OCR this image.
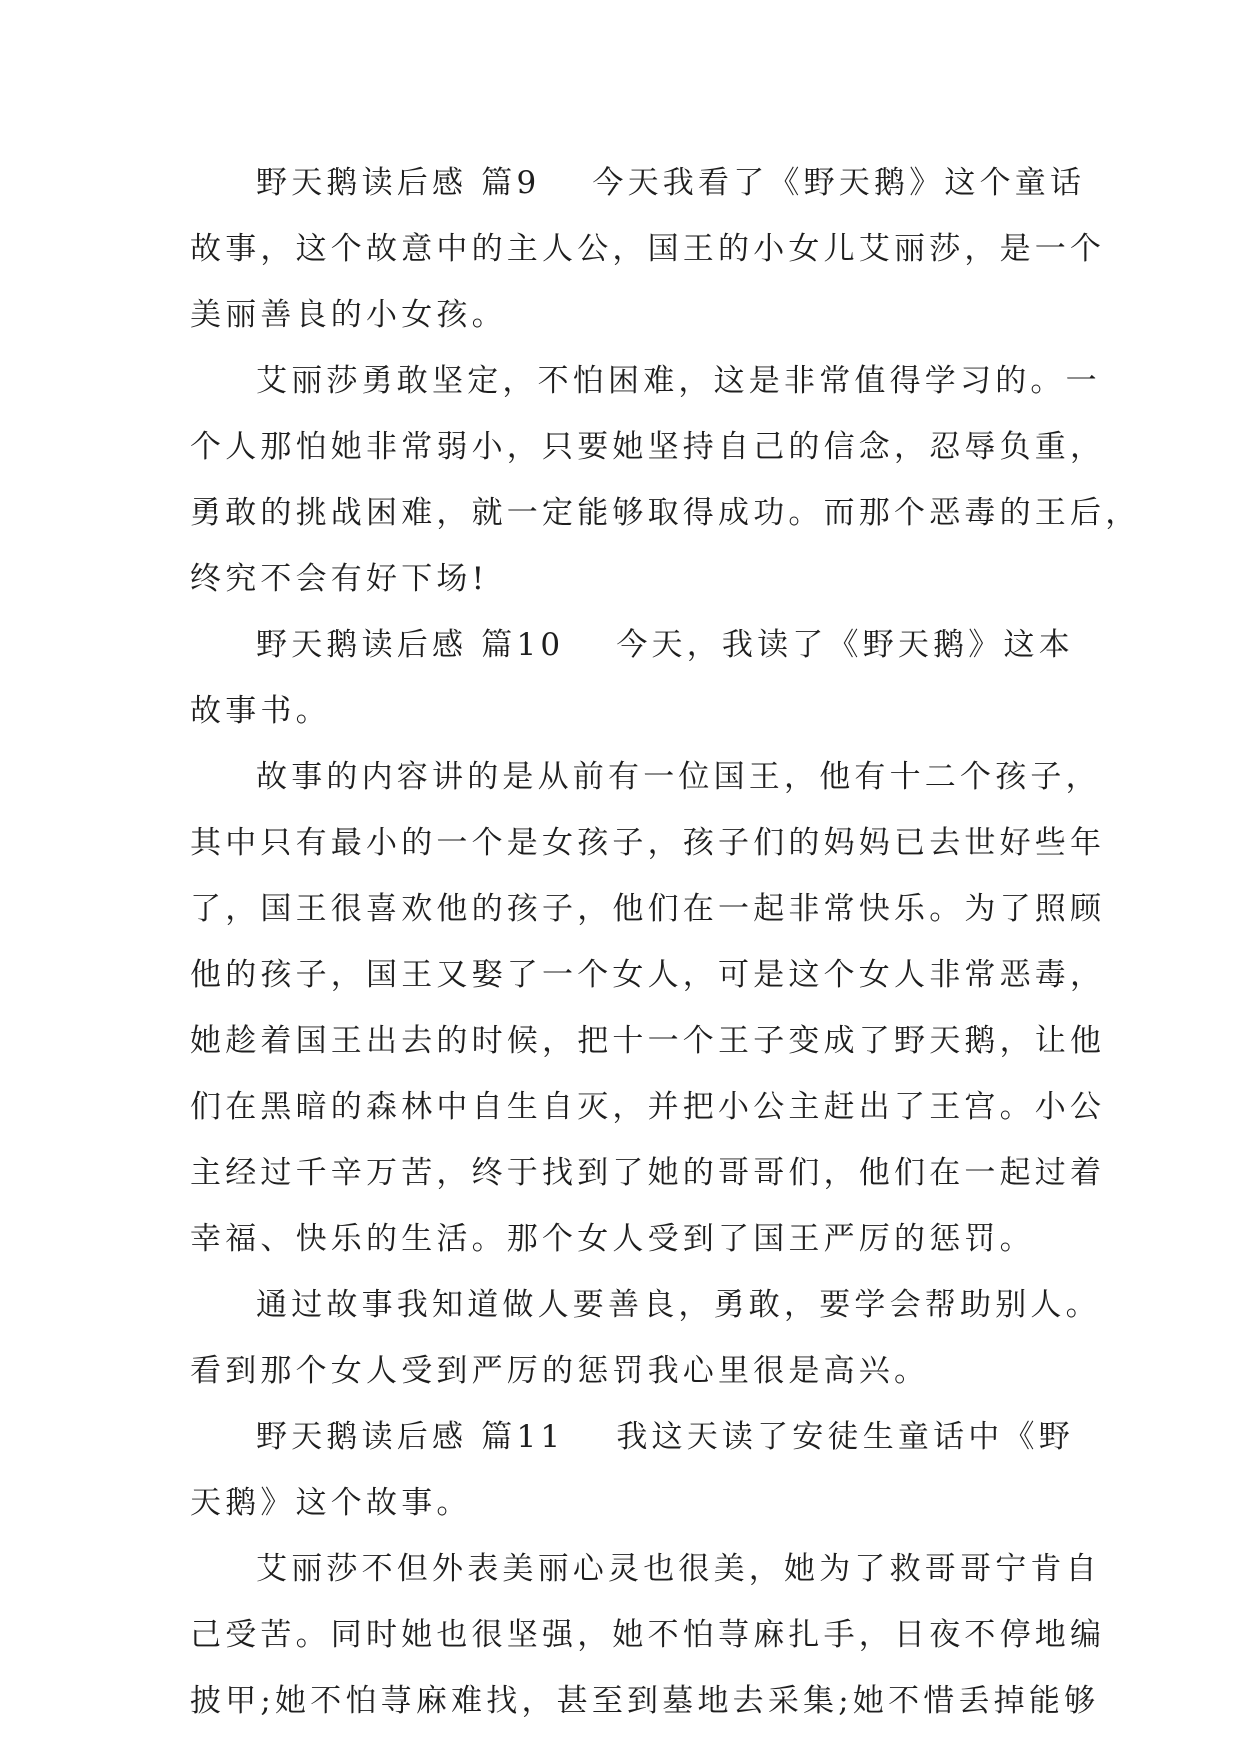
野天鹅读后感 篇9 今天我看了《野天鹅》这个童话
故事，这个故意中的主人公，国王的小女儿艾丽莎，是一个
美丽善良的小女孩。
艾丽莎勇敢坚定，不怕困难，这是非常值得学习的。一
个人那怕她非常弱小，只要她坚持自己的信念，忍辱负重，
勇敢的挑战困难，就一定能够取得成功。而那个恶毒的王后，
终究不会有好下场!
野天鹅读后感 篇10 今天，我读了《野天鹅》这本
故事书。
故事的内容讲的是从前有一位国王，他有十二个孩子，
其中只有最小的一个是女孩子，孩子们的妈妈已去世好些年
了，国王很喜欢他的孩子，他们在一起非常快乐。为了照顾
他的孩子，国王又娶了一个女人，可是这个女人非常恶毒，
她趁着国王出去的时候，把十一个王子变成了野天鹅，让他
们在黑暗的森林中自生自灭，并把小公主赶出了王宫。小公
主经过千辛万苦，终于找到了她的哥哥们，他们在一起过着
幸福、快乐的生活。那个女人受到了国王严厉的惩罚。
通过故事我知道做人要善良，勇敢，要学会帮助别人。
看到那个女人受到严厉的惩罚我心里很是高兴。
野天鹅读后感 篇11 我这天读了安徒生童话中《野
天鹅》这个故事。
艾丽莎不但外表美丽心灵也很美，她为了救哥哥宁肯自
己受苦。同时她也很坚强，她不怕荨麻扎手，日夜不停地编
披甲;她不怕荨麻难找，甚至到墓地去采集;她不惜丢掉能够
